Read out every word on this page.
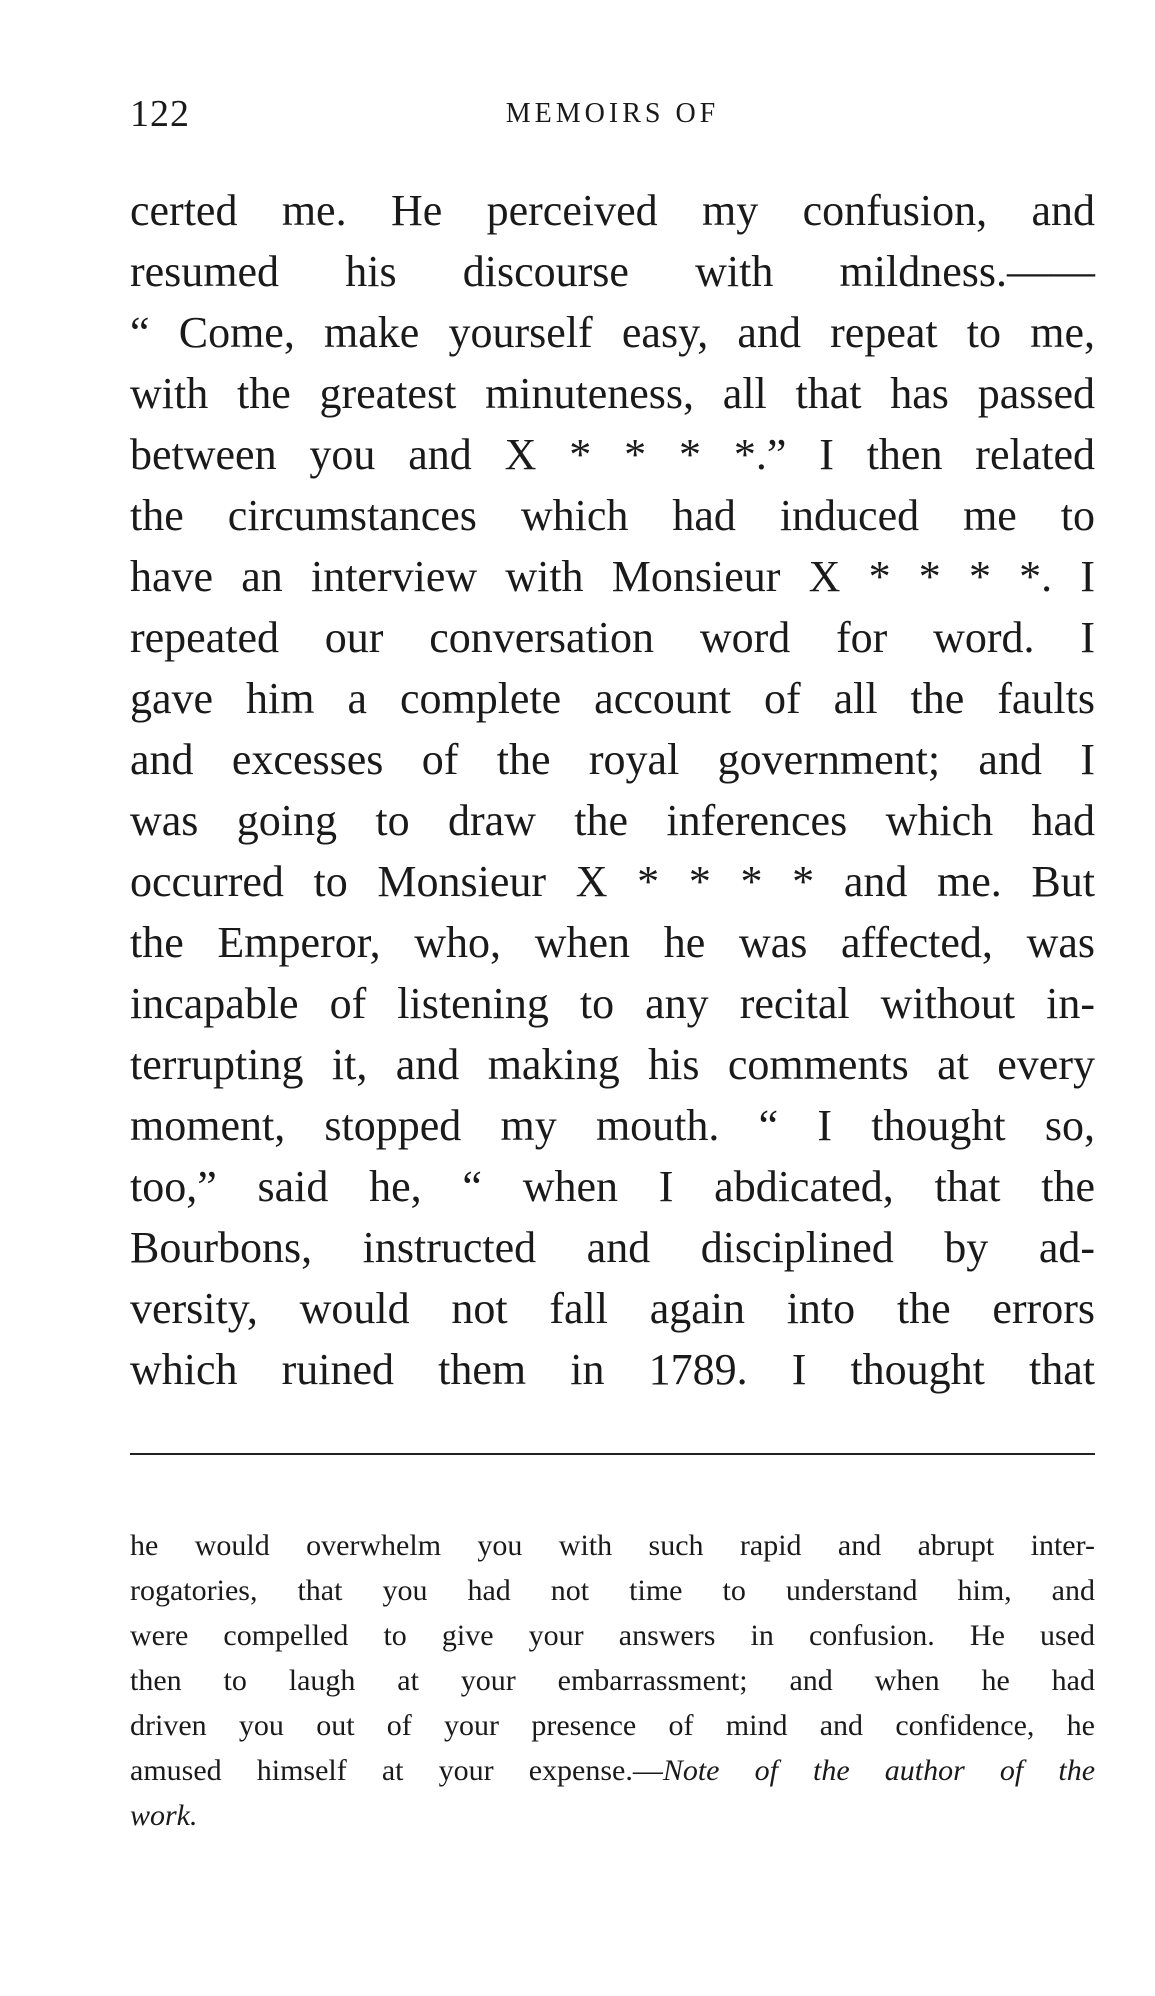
122	MEMOIRS OF
certed me. He perceived my confusion, and
resumed his discourse with mildness.——
“ Come, make yourself easy, and repeat to me,
with the greatest minuteness, all that has passed
between you and X * * * *.” I then related
the circumstances which had induced me to
have an interview with Monsieur X * * * *. I
repeated our conversation word for word. I
gave him a complete account of all the faults
and excesses of the royal government; and I
was going to draw the inferences which had
occurred to Monsieur X * * * * and me. But
the Emperor, who, when he was affected, was
incapable of listening to any recital without in-
terrupting it, and making his comments at every
moment, stopped my mouth. “ I thought so,
too,” said he, “ when I abdicated, that the
Bourbons, instructed and disciplined by ad-
versity, would not fall again into the errors
which ruined them in 1789. I thought that
he would overwhelm you with such rapid and abrupt inter-
rogatories, that you had not time to understand him, and
were compelled to give your answers in confusion. He used
then to laugh at your embarrassment; and when he had
driven you out of your presence of mind and confidence, he
amused himself at your expense.—Note of the author of the
work.
